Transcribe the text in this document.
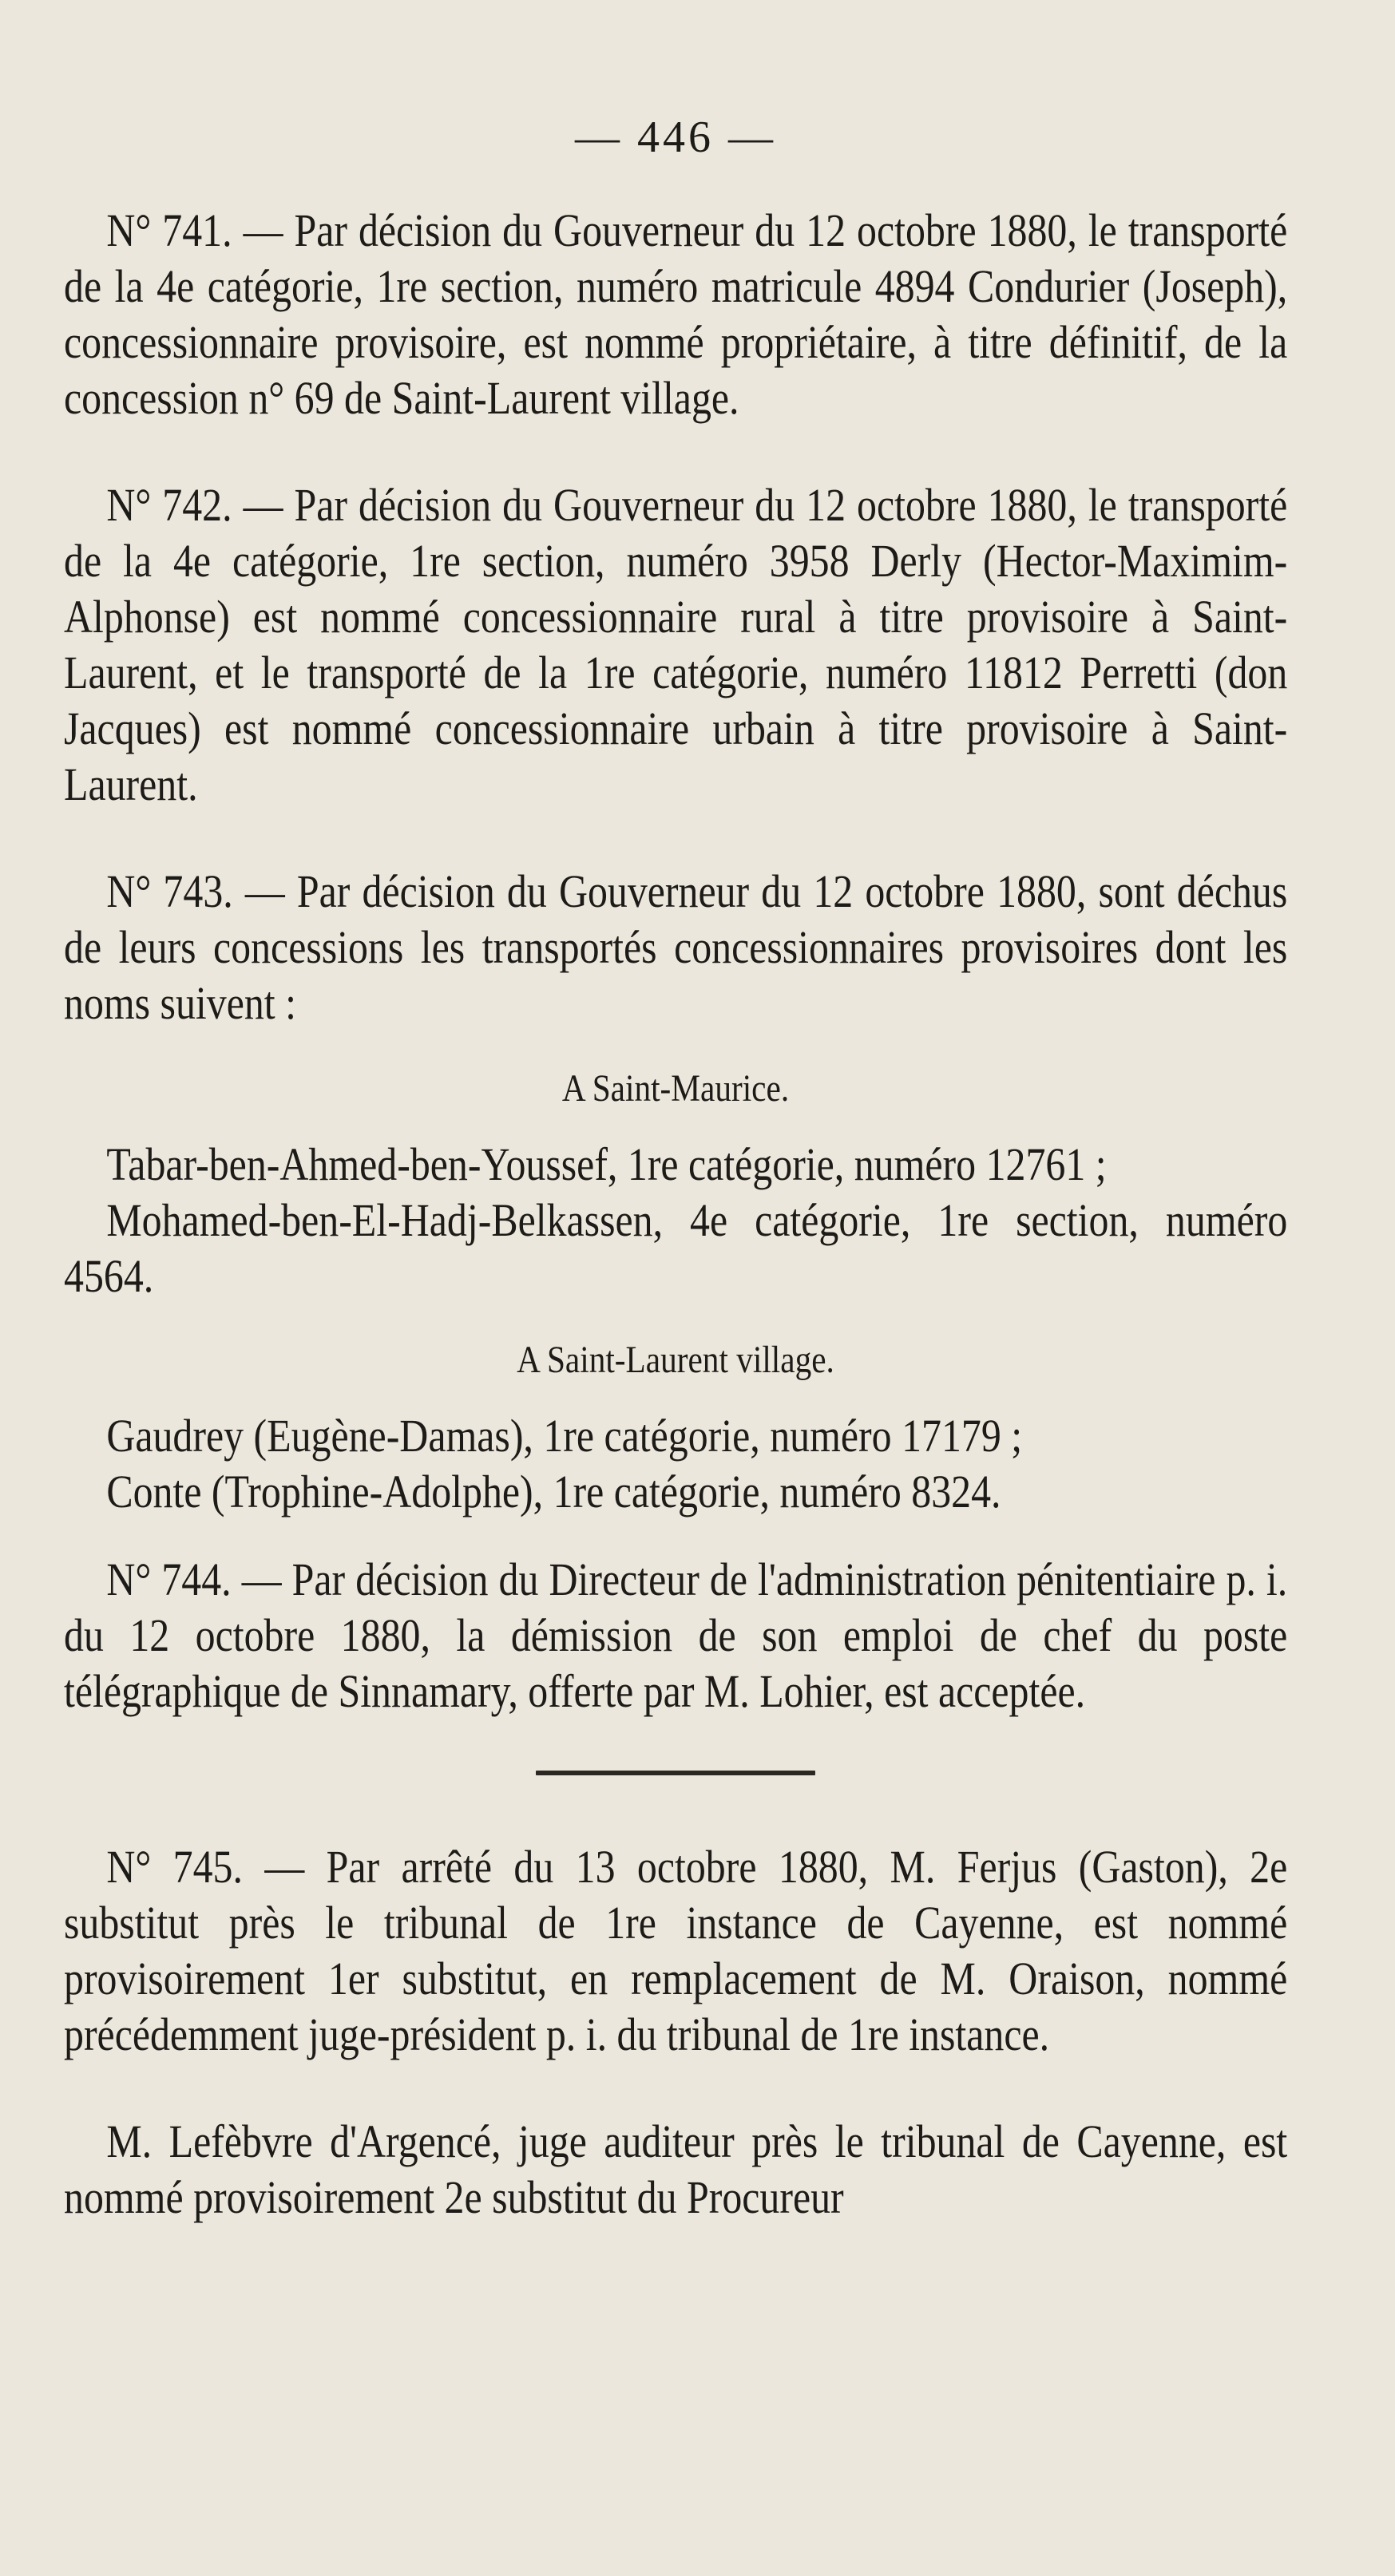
— 446 —

N° 741. — Par décision du Gouverneur du 12 octobre 1880, le transporté de la 4e catégorie, 1re section, numéro matricule 4894 Condurier (Joseph), concessionnaire provisoire, est nommé propriétaire, à titre définitif, de la concession n° 69 de Saint-Laurent village.

N° 742. — Par décision du Gouverneur du 12 octobre 1880, le transporté de la 4e catégorie, 1re section, numéro 3958 Derly (Hector-Maximim-Alphonse) est nommé concessionnaire rural à titre provisoire à Saint-Laurent, et le transporté de la 1re catégorie, numéro 11812 Perretti (don Jacques) est nommé concessionnaire urbain à titre provisoire à Saint-Laurent.

N° 743. — Par décision du Gouverneur du 12 octobre 1880, sont déchus de leurs concessions les transportés concessionnaires provisoires dont les noms suivent :

A Saint-Maurice.

Tabar-ben-Ahmed-ben-Youssef, 1re catégorie, numéro 12761 ;

Mohamed-ben-El-Hadj-Belkassen, 4e catégorie, 1re section, numéro 4564.

A Saint-Laurent village.

Gaudrey (Eugène-Damas), 1re catégorie, numéro 17179 ;

Conte (Trophine-Adolphe), 1re catégorie, numéro 8324.

N° 744. — Par décision du Directeur de l'administration pénitentiaire p. i. du 12 octobre 1880, la démission de son emploi de chef du poste télégraphique de Sinnamary, offerte par M. Lohier, est acceptée.

N° 745. — Par arrêté du 13 octobre 1880, M. Ferjus (Gaston), 2e substitut près le tribunal de 1re instance de Cayenne, est nommé provisoirement 1er substitut, en remplacement de M. Oraison, nommé précédemment juge-président p. i. du tribunal de 1re instance.

M. Lefèbvre d'Argencé, juge auditeur près le tribunal de Cayenne, est nommé provisoirement 2e substitut du Procureur
